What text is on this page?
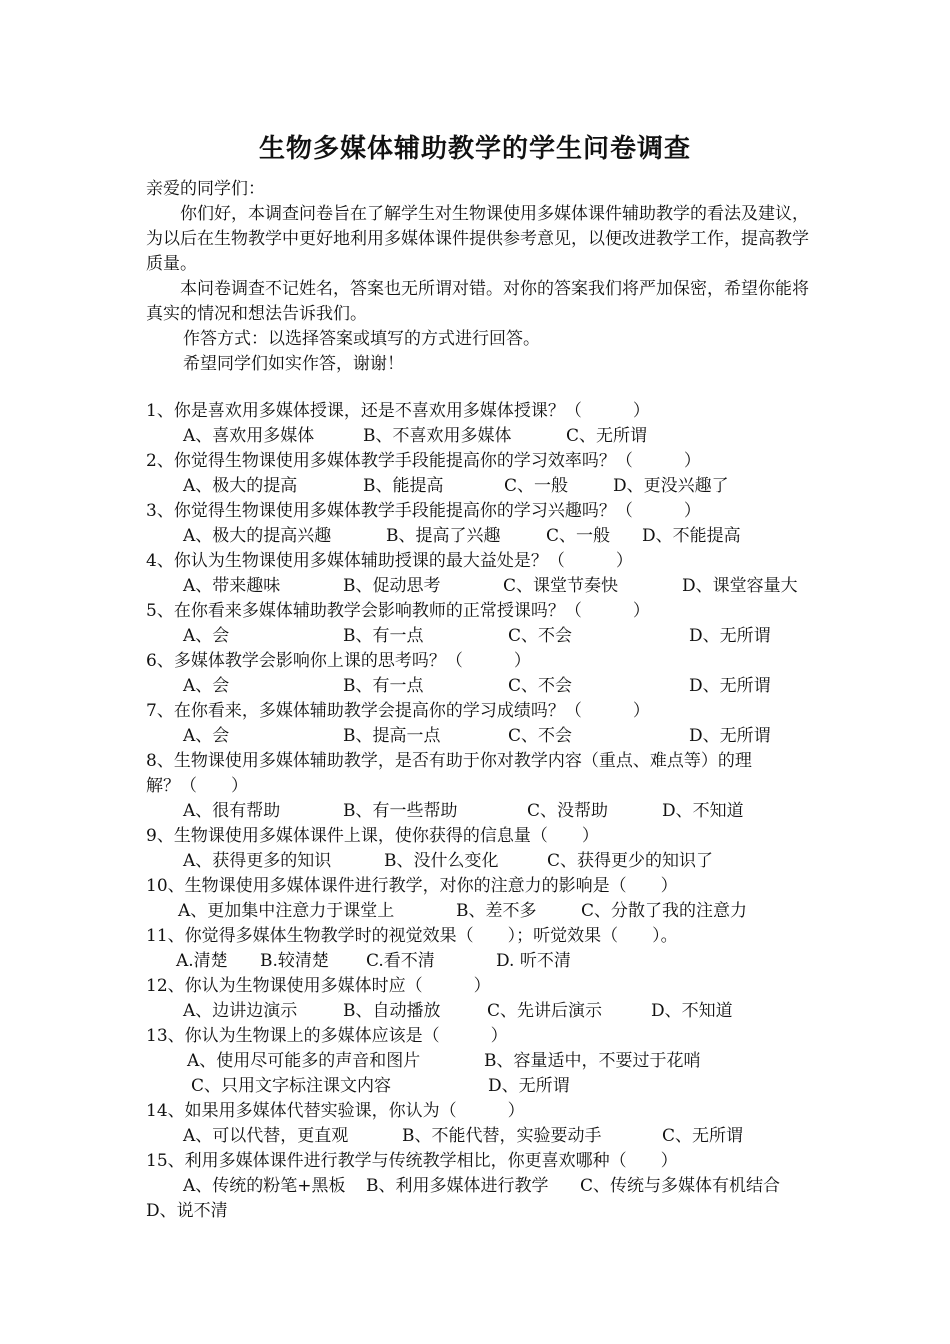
生物多媒体辅助教学的学生问卷调查
亲爱的同学们：
你们好，本调查问卷旨在了解学生对生物课使用多媒体课件辅助教学的看法及建议，为以后在生物教学中更好地利用多媒体课件提供参考意见，以便改进教学工作，提高教学质量。
本问卷调查不记姓名，答案也无所谓对错。对你的答案我们将严加保密，希望你能将真实的情况和想法告诉我们。
作答方式：以选择答案或填写的方式进行回答。
希望同学们如实作答，谢谢！
1、你是喜欢用多媒体授课，还是不喜欢用多媒体授课？（　　　）
A、喜欢用多媒体	B、不喜欢用多媒体	C、无所谓
2、你觉得生物课使用多媒体教学手段能提高你的学习效率吗？（　　　）
A、极大的提高	B、能提高	C、一般	D、更没兴趣了
3、你觉得生物课使用多媒体教学手段能提高你的学习兴趣吗？（　　　）
A、极大的提高兴趣	B、提高了兴趣	C、一般 D、不能提高
4、你认为生物课使用多媒体辅助授课的最大益处是？（　　　）
A、带来趣味	B、促动思考	C、课堂节奏快	D、课堂容量大
5、在你看来多媒体辅助教学会影响教师的正常授课吗？（　　　）
A、会	B、有一点	C、不会	D、无所谓
6、多媒体教学会影响你上课的思考吗？（　　　）
A、会	B、有一点	C、不会	D、无所谓
7、在你看来，多媒体辅助教学会提高你的学习成绩吗？（　　　）
A、会	B、提高一点	C、不会	D、无所谓
8、生物课使用多媒体辅助教学，是否有助于你对教学内容（重点、难点等）的理
解？（　　）
A、很有帮助	B、有一些帮助	C、没帮助	D、不知道
9、生物课使用多媒体课件上课，使你获得的信息量（　　）
A、获得更多的知识	B、没什么变化	C、获得更少的知识了
10、生物课使用多媒体课件进行教学，对你的注意力的影响是（　　）
A、更加集中注意力于课堂上	B、差不多	C、分散了我的注意力
11、你觉得多媒体生物教学时的视觉效果（　　）；听觉效果（　　）。
A.清楚 B.较清楚 C.看不清	D. 听不清
12、你认为生物课使用多媒体时应（　　　）
A、边讲边演示	B、自动播放	C、先讲后演示	D、不知道
13、你认为生物课上的多媒体应该是（　　　）
A、使用尽可能多的声音和图片	B、容量适中，不要过于花哨
C、只用文字标注课文内容	D、无所谓
14、如果用多媒体代替实验课，你认为（　　　）
A、可以代替，更直观	B、不能代替，实验要动手	C、无所谓
15、利用多媒体课件进行教学与传统教学相比，你更喜欢哪种（　　）
A、传统的粉笔+黑板 B、利用多媒体进行教学 C、传统与多媒体有机结合
D、说不清
